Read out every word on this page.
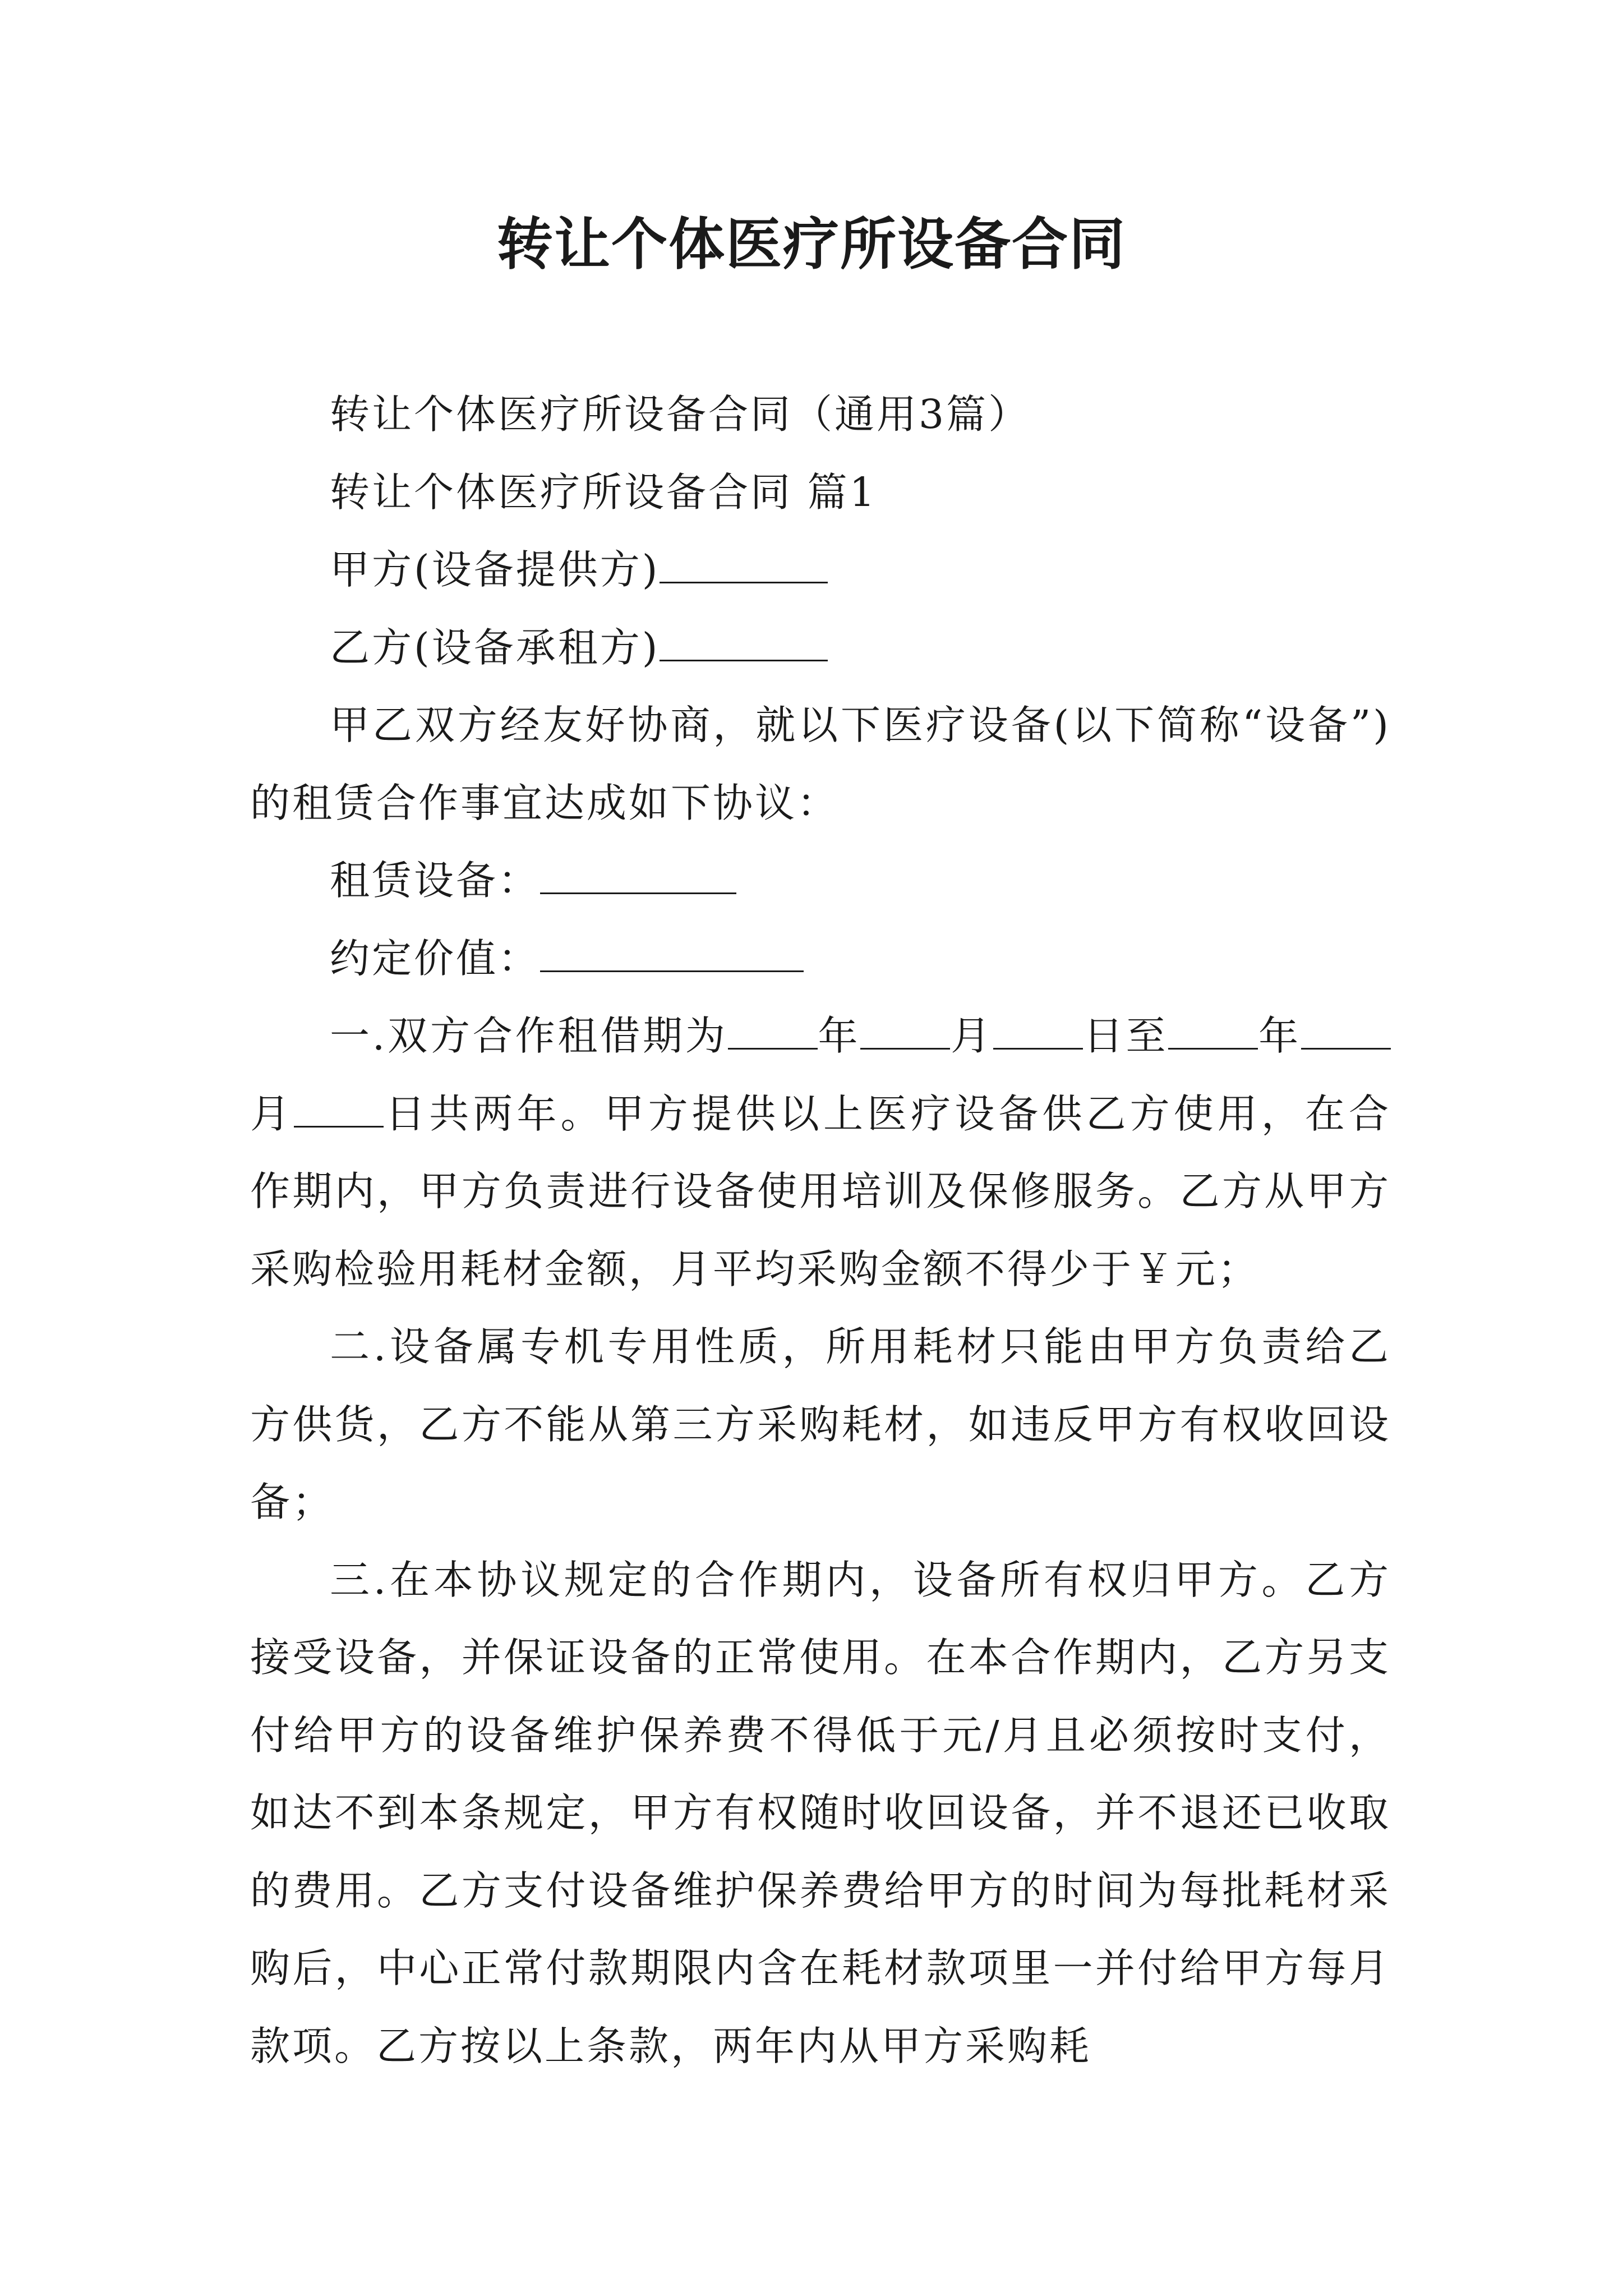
转让个体医疗所设备合同

转让个体医疗所设备合同（通用3篇）

转让个体医疗所设备合同 篇1

甲方(设备提供方)

乙方(设备承租方)

甲乙双方经友好协商，就以下医疗设备(以下简称“设备”)的租赁合作事宜达成如下协议：

租赁设备：

约定价值：

一.双方合作租借期为 年 月 日至 年月 日共两年。甲方提供以上医疗设备供乙方使用，在合作期内，甲方负责进行设备使用培训及保修服务。乙方从甲方采购检验用耗材金额，月平均采购金额不得少于￥元；

二.设备属专机专用性质，所用耗材只能由甲方负责给乙方供货，乙方不能从第三方采购耗材，如违反甲方有权收回设备；

三.在本协议规定的合作期内，设备所有权归甲方。乙方接受设备，并保证设备的正常使用。在本合作期内，乙方另支付给甲方的设备维护保养费不得低于元/月且必须按时支付，如达不到本条规定，甲方有权随时收回设备，并不退还已收取的费用。乙方支付设备维护保养费给甲方的时间为每批耗材采购后，中心正常付款期限内含在耗材款项里一并付给甲方每月款项。乙方按以上条款，两年内从甲方采购耗
